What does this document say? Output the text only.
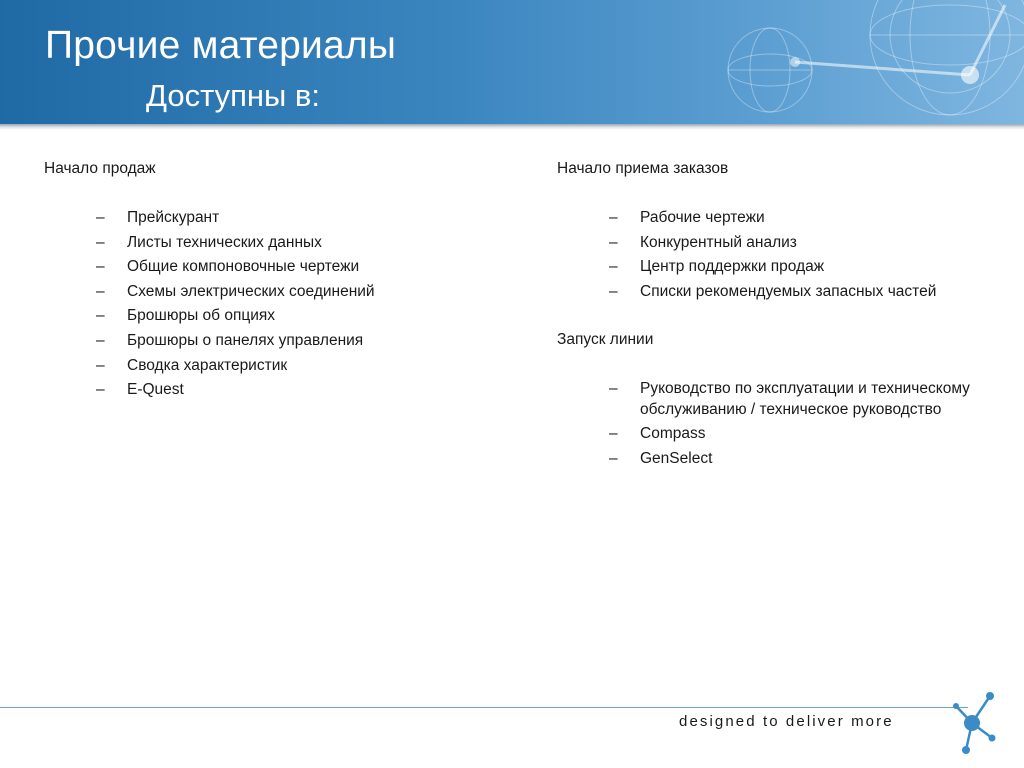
Прочие материалы
Доступны в:

Начало продаж

– Прейскурант
– Листы технических данных
– Общие компоновочные чертежи
– Схемы электрических соединений
– Брошюры об опциях
– Брошюры о панелях управления
– Сводка характеристик
– E-Quest

Начало приема заказов

– Рабочие чертежи
– Конкурентный анализ
– Центр поддержки продаж
– Списки рекомендуемых запасных частей

Запуск линии

– Руководство по эксплуатации и техническому обслуживанию / техническое руководство
– Compass
– GenSelect
designed to deliver more
